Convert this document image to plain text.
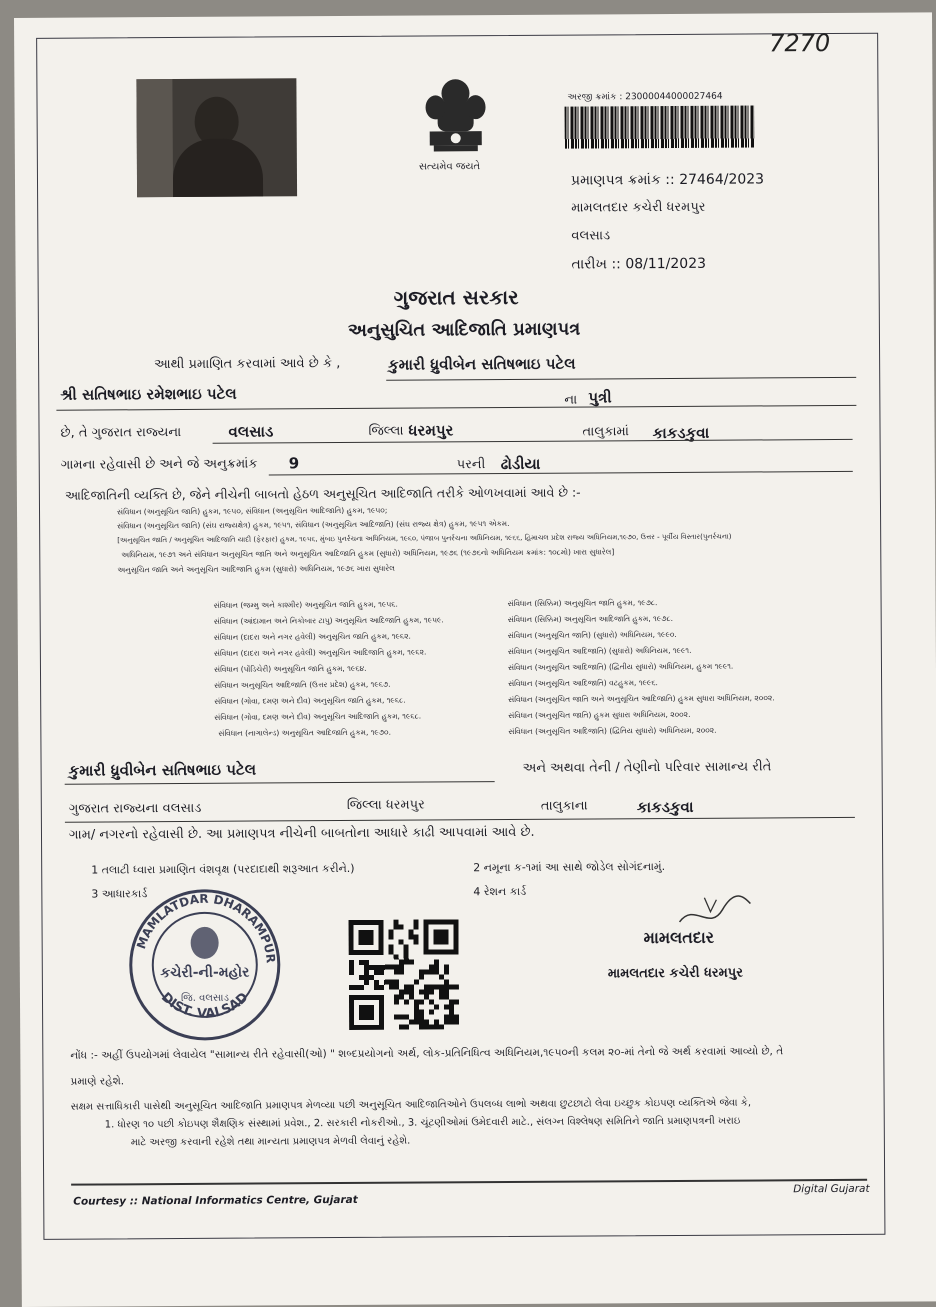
7270
સત્યમેવ જયતે
અરજી ક્રમાંક : 23000044000027464
પ્રમાણપત્ર ક્રમાંક :: 27464/2023
મામલતદાર કચેરી ધરમપુર
વલસાડ
તારીખ :: 08/11/2023
ગુજરાત સરકાર
અનુસુચિત આદિજાતિ પ્રમાણપત્ર
આથી પ્રમાણિત કરવામાં આવે છે કે ,	કુમારી ધ્રુવીબેન સતિષભાઇ પટેલ
શ્રી સતિષભાઇ રમેશભાઇ પટેલ	ના પુત્રી
છે, તે ગુજરાત રાજ્યના	વલસાડ	જિલ્લા ધરમપુર	તાલુકામાં કાકડકુવા
ગામના રહેવાસી છે અને જે અનુક્રમાંક 9	પરની ઢોડીયા
આદિજાતિની વ્યક્તિ છે, જેને નીચેની બાબતો હેઠળ અનુસૂચિત આદિજાતિ તરીકે ઓળખવામાં આવે છે :-
સંવિધાન (અનુસૂચિત જાતિ) હુકમ, ૧૯૫૦, સંવિધાન (અનુસૂચિત આદિજાતિ) હુકમ, ૧૯૫૦;
સંવિધાન (અનુસૂચિત જાતિ) (સંઘ રાજ્યક્ષેત્ર) હુકમ, ૧૯૫૧, સંવિધાન (અનુસૂચિત આદિજાતિ) (સંઘ રાજ્ય ક્ષેત્ર) હુકમ, ૧૯૫૧ એકમ.
[અનુસૂચિત જાતિ / અનુસૂચિત આદિજાતિ યાદી (ફેરફાર) હુકમ, ૧૯૫૬, મુંબઇ પુનર્રચના અધિનિયમ, ૧૯૬૦, પંજાબ પુનર્રચના અધિનિયમ, ૧૯૬૬, હિમાચલ પ્રદેશ રાજ્ય અધિનિયમ,૧૯૭૦, ઉત્તર - પૂર્વીય વિસ્તાર(પુનર્રચના)
અધિનિયમ, ૧૯૭૧ અને સંવિધાન અનુસૂચિત જાતિ અને અનુસૂચિત આદિજાતિ હુકમ (સુધારો) અધિનિયમ, ૧૯૭૬ (૧૯૭૬નો અધિનિયમ ક્રમાંક: ૧૦૮મો) ખારા સુધારેલ]
અનુસૂચિત જાતિ અને અનુસૂચિત આદિજાતિ હુકમ (સુધારો) અધિનિયમ, ૧૯૭૬ ખારા સુધારેલ
સંવિધાન (જમ્મુ અને કાશ્મીર) અનુસૂચિત જાતિ હુકમ, ૧૯૫૬.
સંવિધાન (આંદામાન અને નિકોબાર ટાપુ) અનુસૂચિત આદિજાતિ હુકમ, ૧૯૫૯.
સંવિધાન (દાદરા અને નગર હવેલી) અનુસૂચિત જાતિ હુકમ, ૧૯૬૨.
સંવિધાન (દાદરા અને નગર હવેલી) અનુસૂચિત આદિજાતિ હુકમ, ૧૯૬૨.
સંવિધાન (પોંડિચેરી) અનુસૂચિત જાતિ હુકમ, ૧૯૬૪.
સંવિધાન અનુસૂચિત આદિજાતિ (ઉત્તર પ્રદેશ) હુકમ, ૧૯૬૭.
સંવિધાન (ગોવા, દમણ અને દીવ) અનુસૂચિત જાતિ હુકમ, ૧૯૬૮.
સંવિધાન (ગોવા, દમણ અને દીવ) અનુસૂચિત આદિજાતિ હુકમ, ૧૯૬૮.
સંવિધાન (નાગાલેન્ડ) અનુસૂચિત આદિજાતિ હુકમ, ૧૯૭૦.
સંવિધાન (સિક્કિમ) અનુસૂચિત જાતિ હુકમ, ૧૯૭૮.
સંવિધાન (સિક્કિમ) અનુસૂચિત આદિજાતિ હુકમ, ૧૯૭૮.
સંવિધાન (અનુસૂચિત જાતિ) (સુધારો) અધિનિયમ, ૧૯૯૦.
સંવિધાન (અનુસૂચિત આદિજાતિ) (સુધારો) અધિનિયમ, ૧૯૯૧.
સંવિધાન (અનુસૂચિત આદિજાતિ) (દ્વિતીય સુધારો) અધિનિયમ, હુકમ ૧૯૯૧.
સંવિધાન (અનુસૂચિત આદિજાતિ) વટહુકમ, ૧૯૯૬.
સંવિધાન (અનુસૂચિત જાતિ અને અનુસૂચિત આદિજાતિ) હુકમ સુધારા અધિનિયમ, ૨૦૦૨.
સંવિધાન (અનુસૂચિત જાતિ) હુકમ સુધારા અધિનિયમ, ૨૦૦૨.
સંવિધાન (અનુસૂચિત આદિજાતિ) (દ્વિતિય સુધારો) અધિનિયમ, ૨૦૦૨.
કુમારી ધ્રુવીબેન સતિષભાઇ પટેલ	અને અથવા તેની / તેણીનો પરિવાર સામાન્ય રીતે
ગુજરાત રાજ્યના વલસાડ	જિલ્લા ધરમપુર	તાલુકાના	કાકડકુવા
ગામ/ નગરનો રહેવાસી છે. આ પ્રમાણપત્ર નીચેની બાબતોના આધારે કાઢી આપવામાં આવે છે.
1 તલાટી ધ્વારા પ્રમાણિત વંશવૃક્ષ (પરદાદાથી શરૂઆત કરીને.)	2 નમૂના ક-૧માં આ સાથે જોડેલ સોગંદનામું.
3 આધારકાર્ડ	4 રેશન કાર્ડ
MAMLATDAR DHARAMPUR
કચેરી-ની-મહોર
જિ. વલસાડ
DIST. VALSAD
મામલતદાર
મામલતદાર કચેરી ધરમપુર
નોંધ :- અહીં ઉપયોગમાં લેવાયેલ "સામાન્ય રીતે રહેવાસી(ઓ) " શબ્દપ્રયોગનો અર્થ, લોક-પ્રતિનિધિત્વ અધિનિયમ,૧૯૫૦ની કલમ ૨૦-માં તેનો જે અર્થ કરવામાં આવ્યો છે, તે
પ્રમાણે રહેશે.
સક્ષમ સત્તાધિકારી પાસેથી અનુસૂચિત આદિજાતિ પ્રમાણપત્ર મેળવ્યા પછી અનુસૂચિત આદિજાતિઓને ઉપલબ્ધ લાભો અથવા છુટછાટો લેવા ઇચ્છુક કોઇપણ વ્યક્તિએ જેવા કે,
1. ધોરણ ૧૦ પછી કોઇપણ શૈક્ષણિક સંસ્થામાં પ્રવેશ., 2. સરકારી નોકરીઓ., 3. ચૂંટણીઓમાં ઉમેદવારી માટે., સંલગ્ન વિશ્લેષણ સમિતિને જાતિ પ્રમાણપત્રની ખરાઇ
માટે અરજી કરવાની રહેશે તથા માન્યતા પ્રમાણપત્ર મેળવી લેવાનું રહેશે.
Courtesy :: National Informatics Centre, Gujarat
Digital Gujarat
